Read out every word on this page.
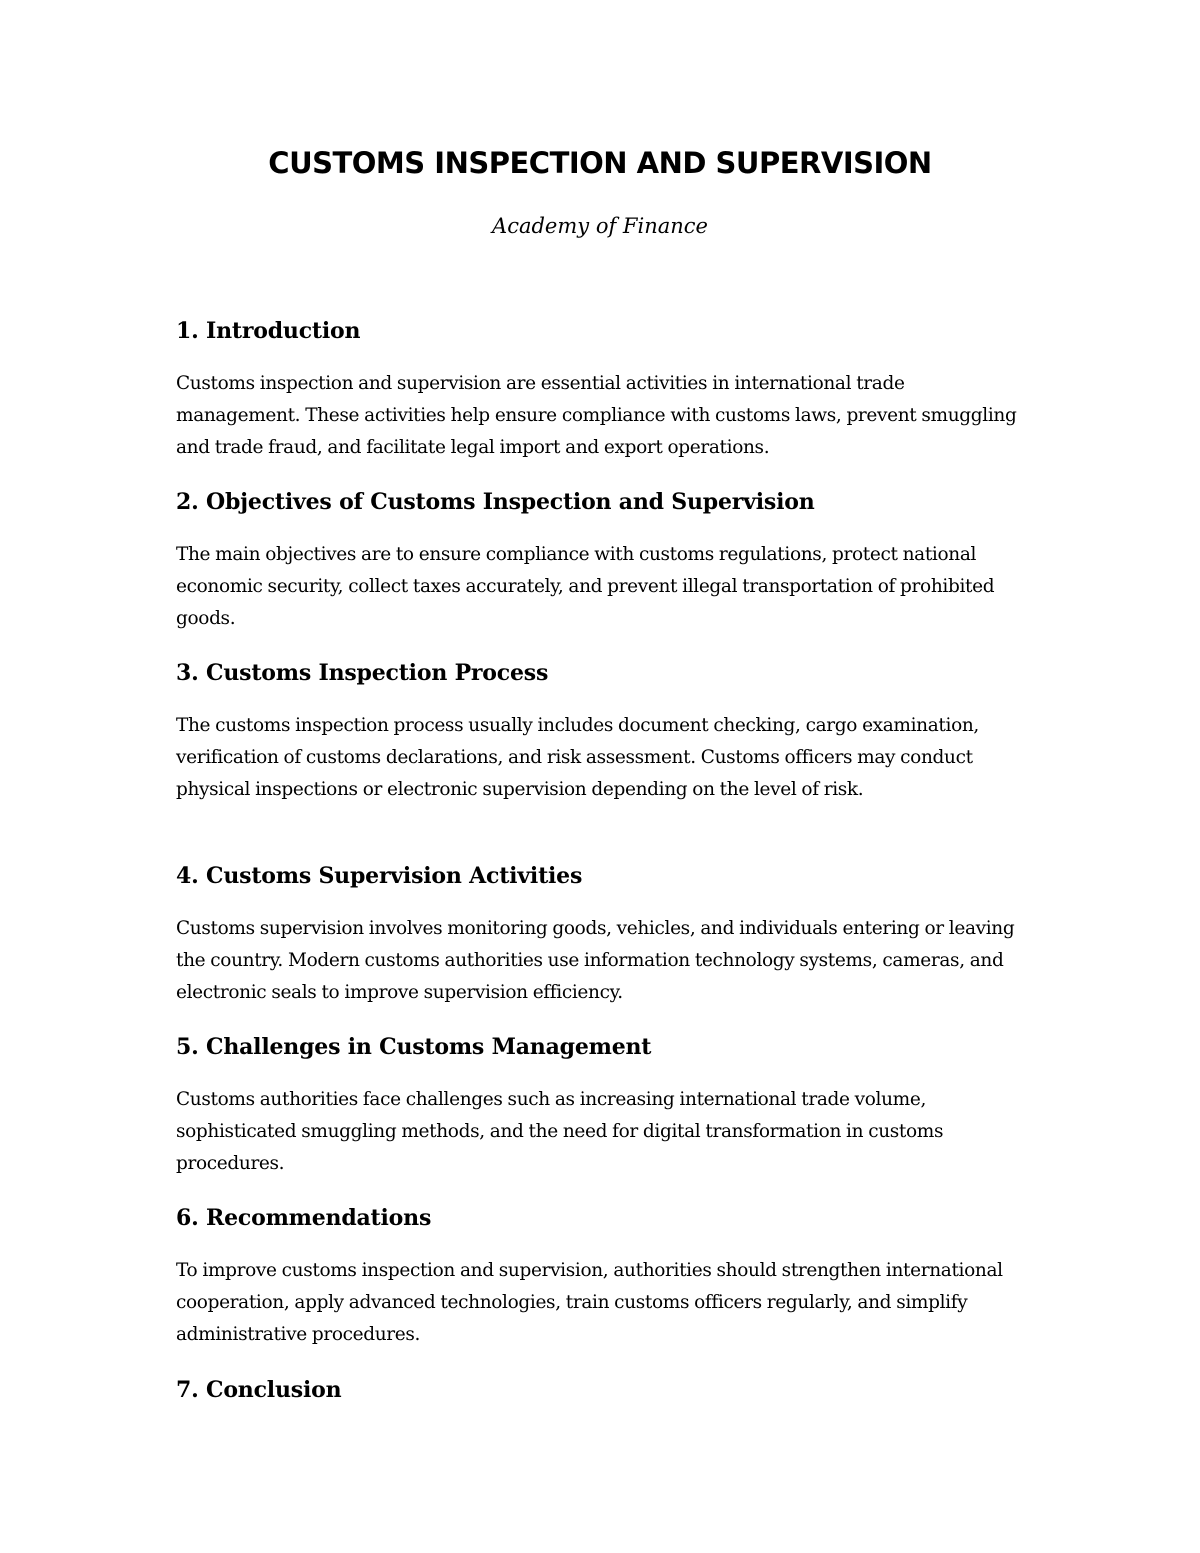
CUSTOMS INSPECTION AND SUPERVISION
Academy of Finance
1. Introduction

Customs inspection and supervision are essential activities in international trade management. These activities help ensure compliance with customs laws, prevent smuggling and trade fraud, and facilitate legal import and export operations.

2. Objectives of Customs Inspection and Supervision

The main objectives are to ensure compliance with customs regulations, protect national economic security, collect taxes accurately, and prevent illegal transportation of prohibited goods.

3. Customs Inspection Process

The customs inspection process usually includes document checking, cargo examination, verification of customs declarations, and risk assessment. Customs officers may conduct physical inspections or electronic supervision depending on the level of risk.

4. Customs Supervision Activities

Customs supervision involves monitoring goods, vehicles, and individuals entering or leaving the country. Modern customs authorities use information technology systems, cameras, and electronic seals to improve supervision efficiency.

5. Challenges in Customs Management

Customs authorities face challenges such as increasing international trade volume, sophisticated smuggling methods, and the need for digital transformation in customs procedures.

6. Recommendations

To improve customs inspection and supervision, authorities should strengthen international cooperation, apply advanced technologies, train customs officers regularly, and simplify administrative procedures.

7. Conclusion
